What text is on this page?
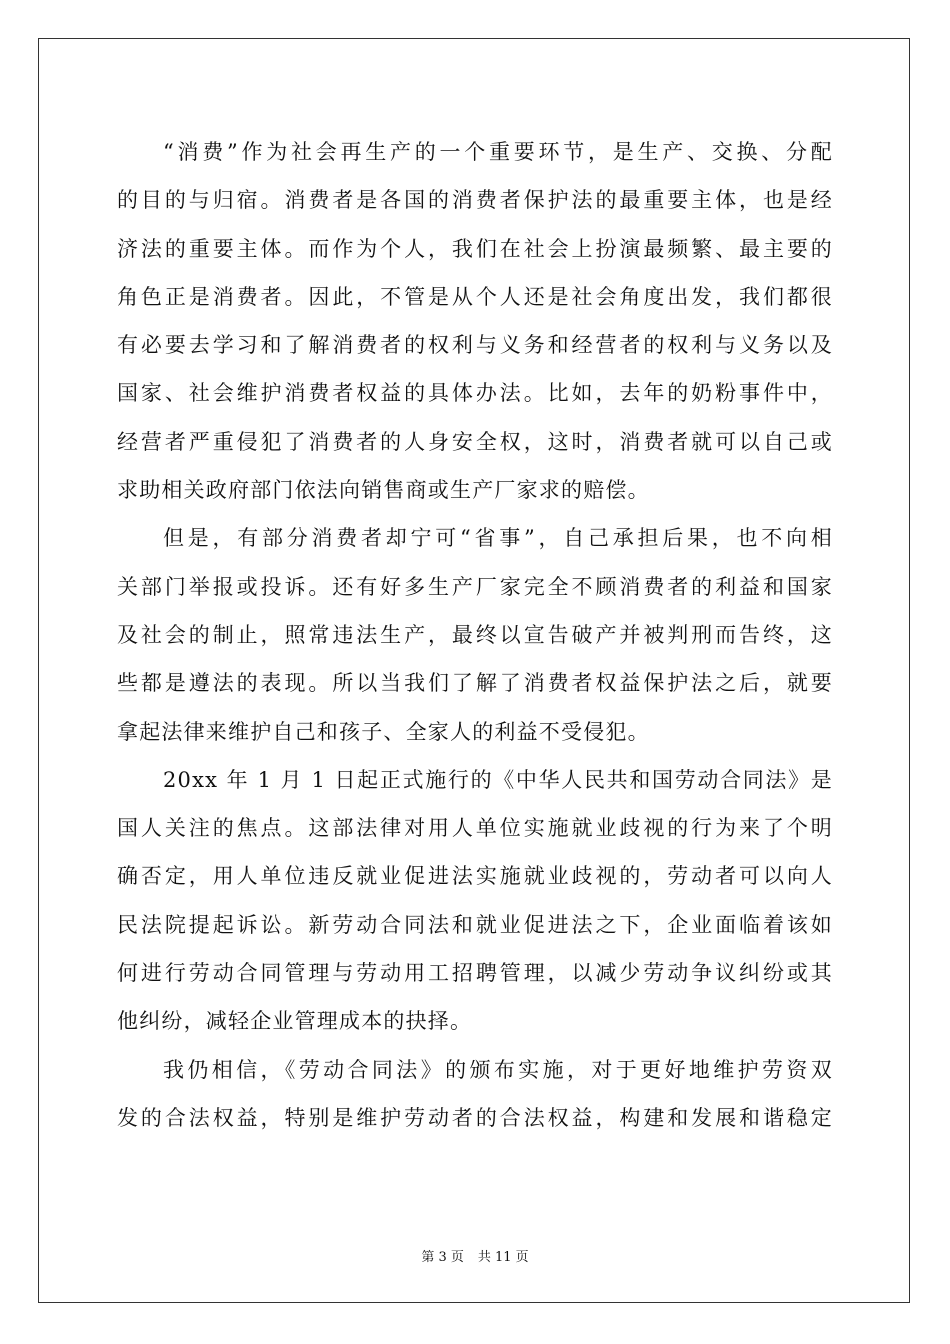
“消费”作为社会再生产的一个重要环节，是生产、交换、分配
的目的与归宿。消费者是各国的消费者保护法的最重要主体，也是经
济法的重要主体。而作为个人，我们在社会上扮演最频繁、最主要的
角色正是消费者。因此，不管是从个人还是社会角度出发，我们都很
有必要去学习和了解消费者的权利与义务和经营者的权利与义务以及
国家、社会维护消费者权益的具体办法。比如，去年的奶粉事件中，
经营者严重侵犯了消费者的人身安全权，这时，消费者就可以自己或
求助相关政府部门依法向销售商或生产厂家求的赔偿。
但是，有部分消费者却宁可“省事”，自己承担后果，也不向相
关部门举报或投诉。还有好多生产厂家完全不顾消费者的利益和国家
及社会的制止，照常违法生产，最终以宣告破产并被判刑而告终，这
些都是遵法的表现。所以当我们了解了消费者权益保护法之后，就要
拿起法律来维护自己和孩子、全家人的利益不受侵犯。
20xx 年 1 月 1 日起正式施行的《中华人民共和国劳动合同法》是
国人关注的焦点。这部法律对用人单位实施就业歧视的行为来了个明
确否定，用人单位违反就业促进法实施就业歧视的，劳动者可以向人
民法院提起诉讼。新劳动合同法和就业促进法之下，企业面临着该如
何进行劳动合同管理与劳动用工招聘管理，以减少劳动争议纠纷或其
他纠纷，减轻企业管理成本的抉择。
我仍相信，《劳动合同法》的颁布实施，对于更好地维护劳资双
发的合法权益，特别是维护劳动者的合法权益，构建和发展和谐稳定
第 3 页 共 11 页
